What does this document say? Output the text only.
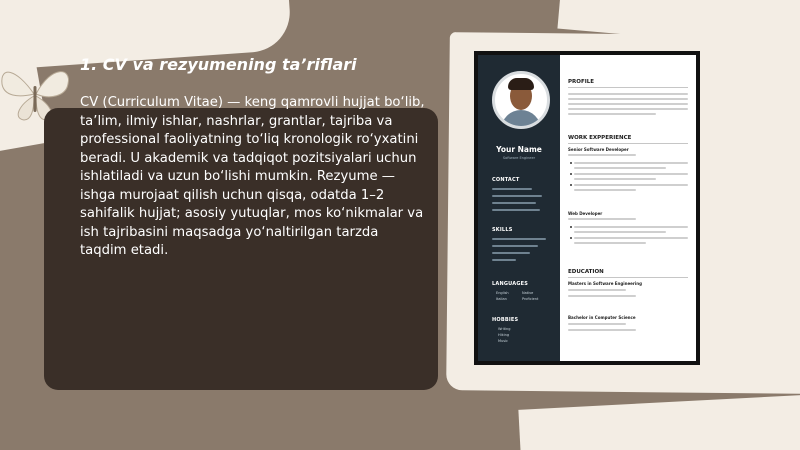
1. CV va rezyumening ta’riflari
CV (Curriculum Vitae) — keng qamrovli hujjat bo‘lib, ta’lim, ilmiy ishlar, nashrlar, grantlar, tajriba va professional faoliyatning to‘liq kronologik ro‘yxatini beradi. U akademik va tadqiqot pozitsiyalari uchun ishlatiladi va uzun bo‘lishi mumkin. Rezyume — ishga murojaat qilish uchun qisqa, odatda 1–2 sahifalik hujjat; asosiy yutuqlar, mos ko‘nikmalar va ish tajribasini maqsadga yo‘naltirilgan tarzda taqdim etadi.
Your Name
Software Engineer
CONTACT
SKILLS
LANGUAGES
English	Native
Italian	Proficient
HOBBIES
Writing
Hiking
Music
PROFILE
WORK EXPPERIENCE
Senior Software Developer
Web Developer
EDUCATION
Masters in Software Engineering
Bachelor in Computer Science
